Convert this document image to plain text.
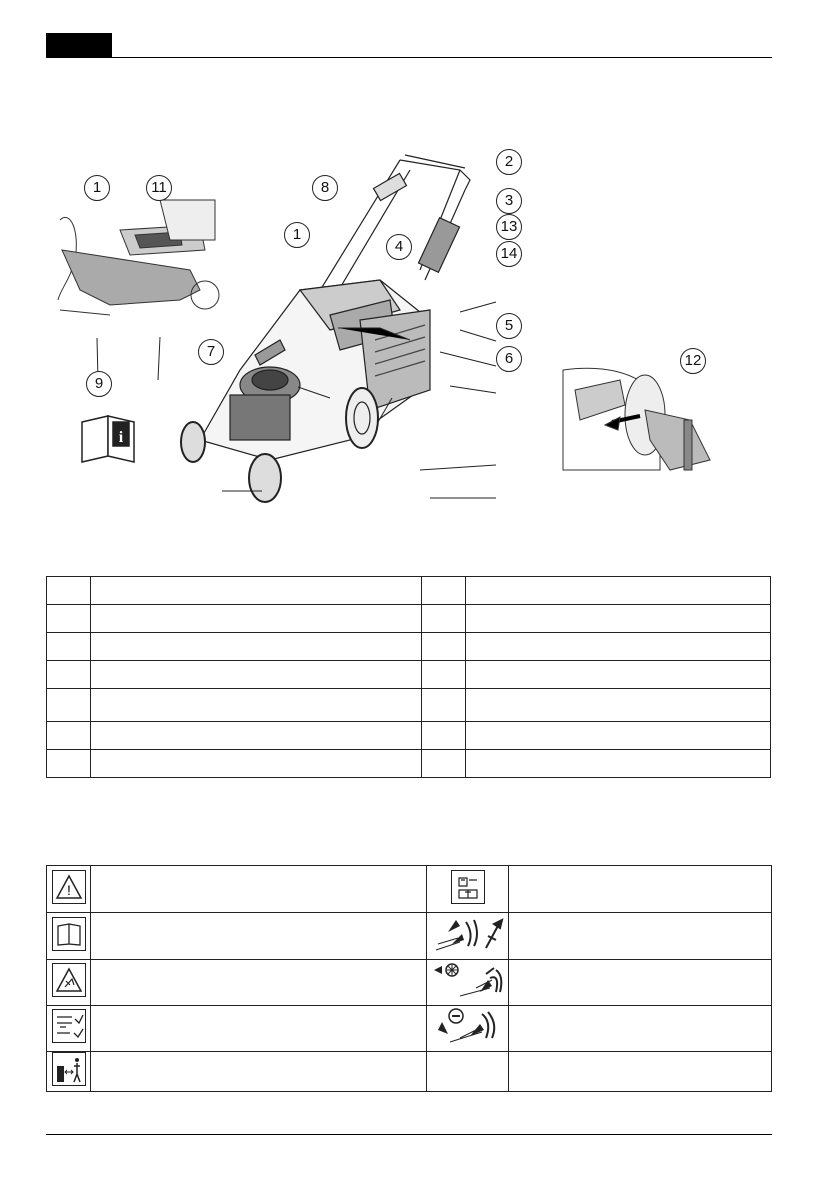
i
1	11
2
8
3
13
1
14
4
5
7	6
9
12

!
